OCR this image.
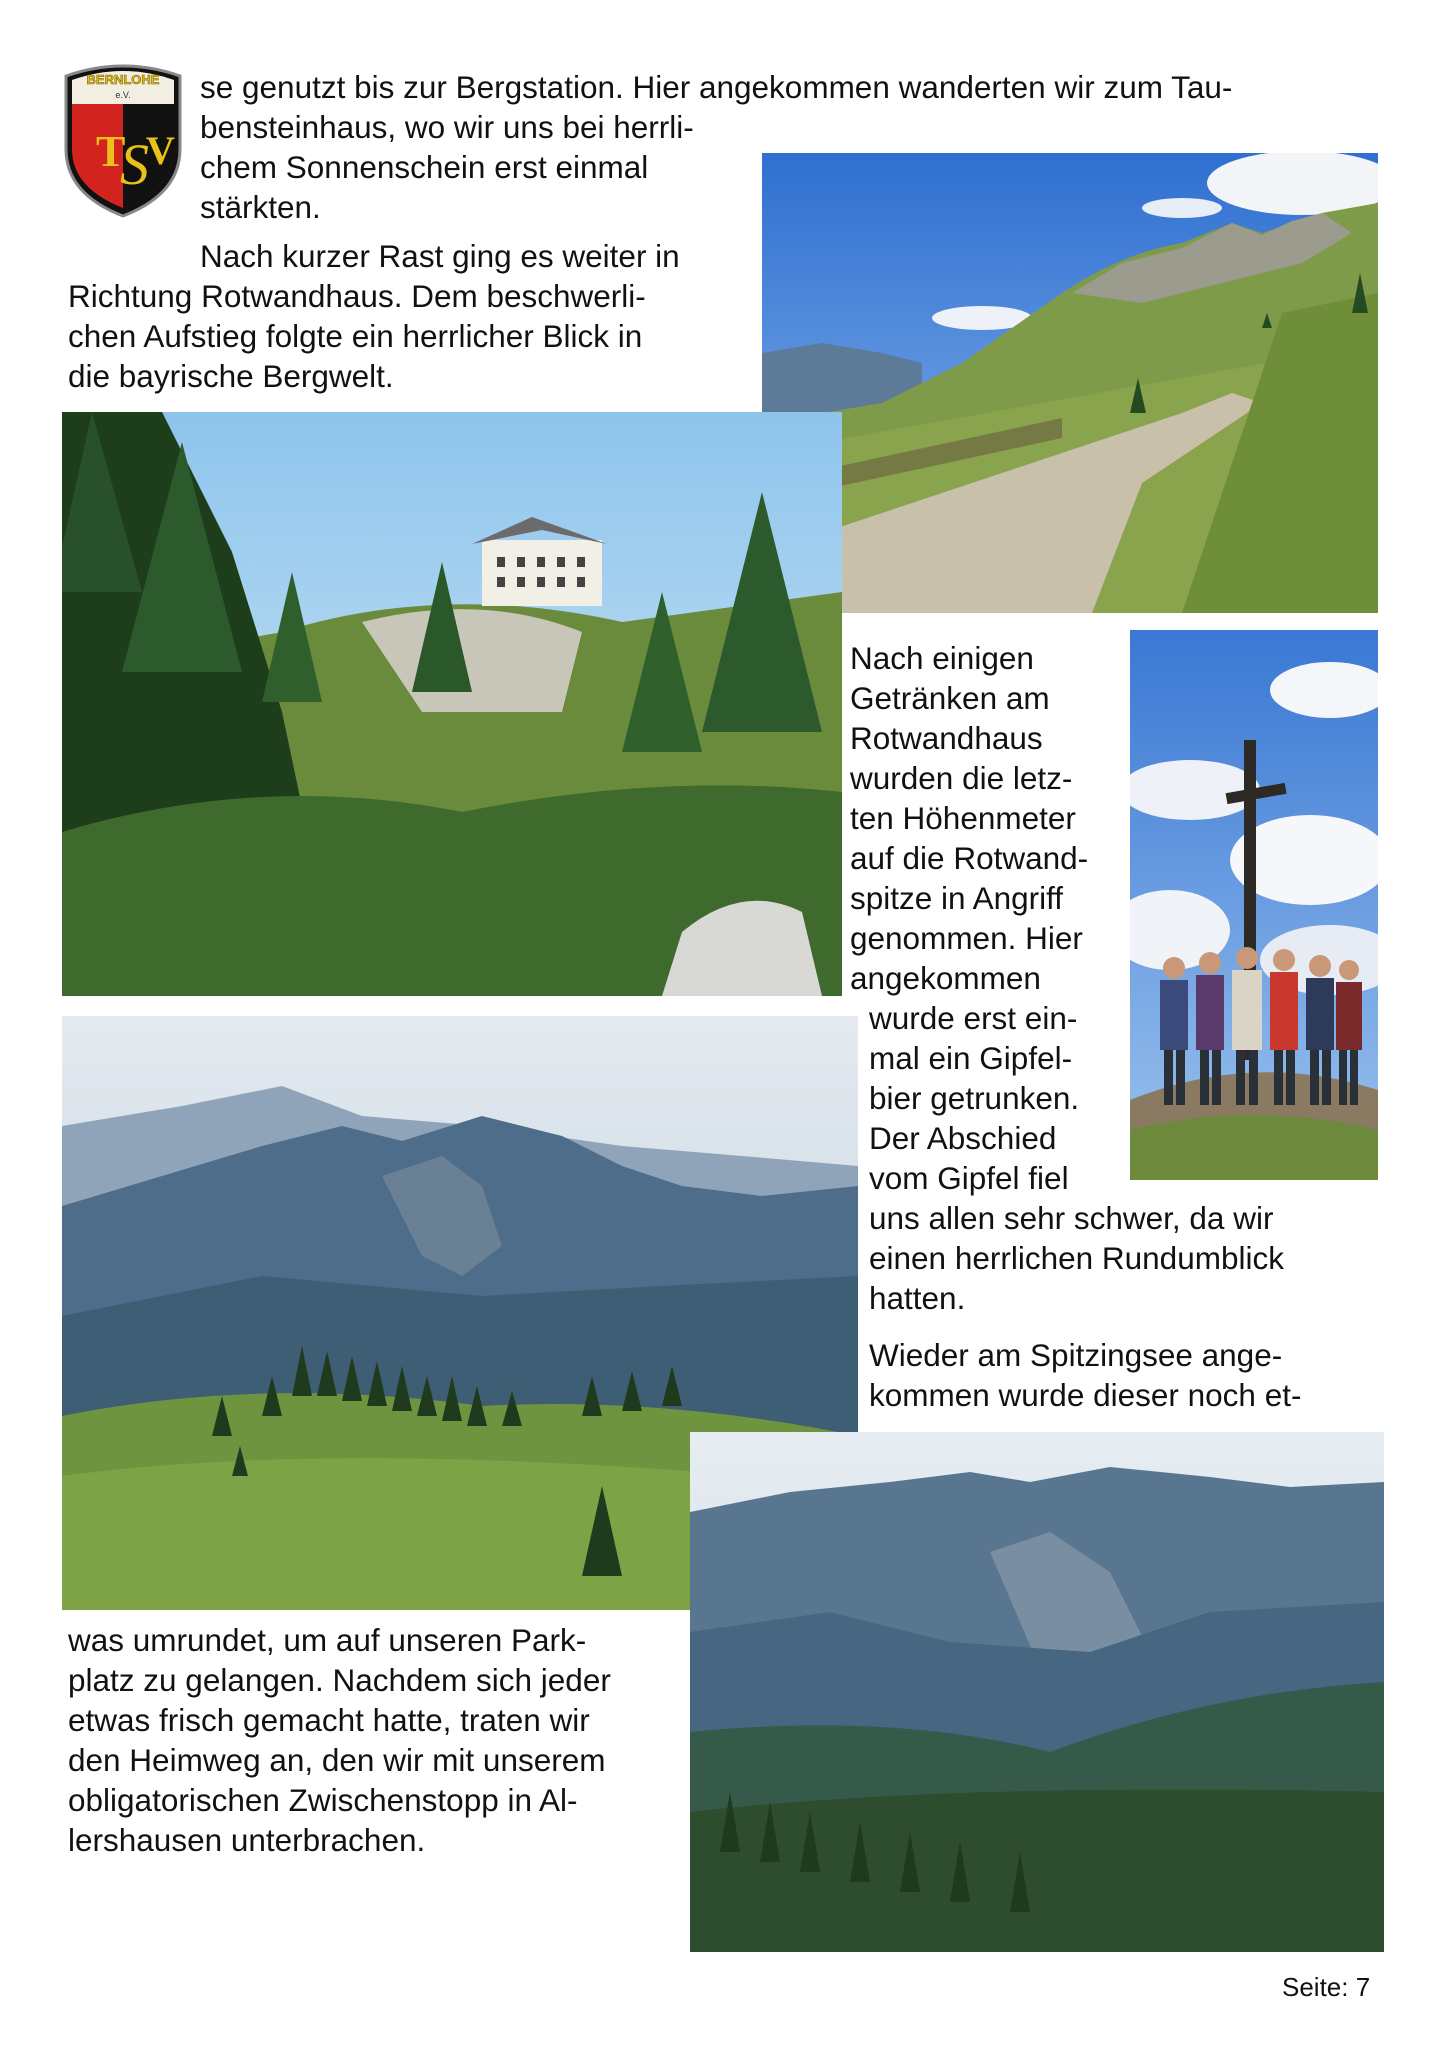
BERNLOHE
e.V.
T
S
V
se genutzt bis zur Bergstation. Hier angekommen wanderten wir zum Tau-
bensteinhaus, wo wir uns bei herrli-
chem Sonnenschein erst einmal
stärkten.
Nach kurzer Rast ging es weiter in
Richtung Rotwandhaus. Dem beschwerli-
chen Aufstieg folgte ein herrlicher Blick in
die bayrische Bergwelt.
Nach einigen
Getränken am
Rotwandhaus
wurden die letz-
ten Höhenmeter
auf die Rotwand-
spitze in Angriff
genommen. Hier
angekommen
wurde erst ein-
mal ein Gipfel-
bier getrunken.
Der Abschied
vom Gipfel fiel
uns allen sehr schwer, da wir
einen herrlichen Rundumblick
hatten.
Wieder am Spitzingsee ange-
kommen wurde dieser noch et-
was umrundet, um auf unseren Park-
platz zu gelangen. Nachdem sich jeder
etwas frisch gemacht hatte, traten wir
den Heimweg an, den wir mit unserem
obligatorischen Zwischenstopp in Al-
lershausen unterbrachen.
Seite: 7
